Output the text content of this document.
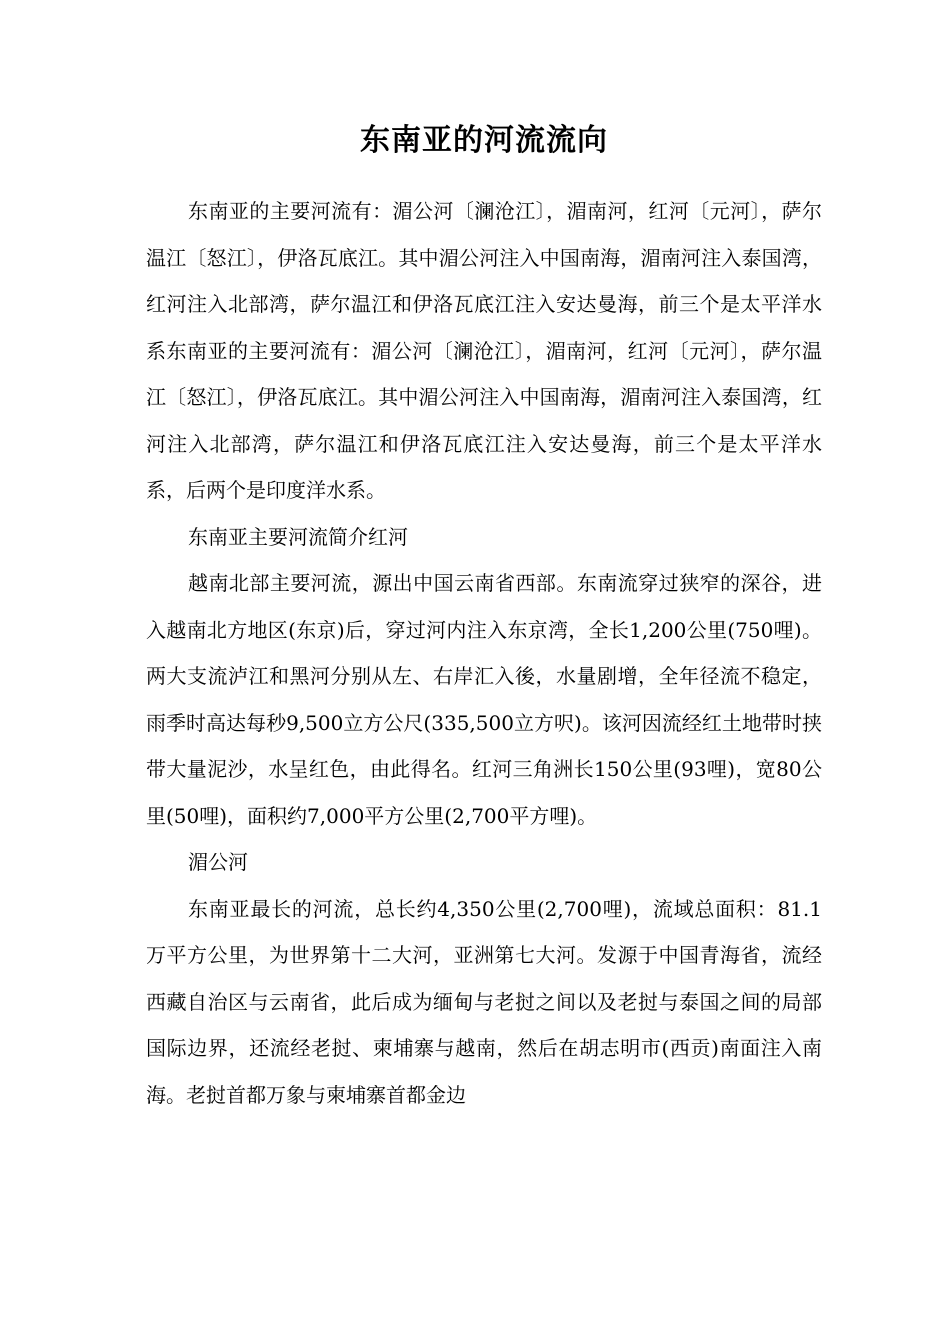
东南亚的河流流向

东南亚的主要河流有：湄公河〔澜沧江〕，湄南河，红河〔元河〕，萨尔温江〔怒江〕，伊洛瓦底江。其中湄公河注入中国南海，湄南河注入泰国湾，红河注入北部湾，萨尔温江和伊洛瓦底江注入安达曼海，前三个是太平洋水系东南亚的主要河流有：湄公河〔澜沧江〕，湄南河，红河〔元河〕，萨尔温江〔怒江〕，伊洛瓦底江。其中湄公河注入中国南海，湄南河注入泰国湾，红河注入北部湾，萨尔温江和伊洛瓦底江注入安达曼海，前三个是太平洋水系，后两个是印度洋水系。

东南亚主要河流简介红河

越南北部主要河流，源出中国云南省西部。东南流穿过狭窄的深谷，进入越南北方地区(东京)后，穿过河内注入东京湾，全长1,200公里(750哩)。两大支流泸江和黑河分别从左、右岸汇入後，水量剧增，全年径流不稳定，雨季时高达每秒9,500立方公尺(335,500立方呎)。该河因流经红土地带时挟带大量泥沙，水呈红色，由此得名。红河三角洲长150公里(93哩)，宽80公里(50哩)，面积约7,000平方公里(2,700平方哩)。

湄公河

东南亚最长的河流，总长约4,350公里(2,700哩)，流域总面积：81.1万平方公里，为世界第十二大河，亚洲第七大河。发源于中国青海省，流经西藏自治区与云南省，此后成为缅甸与老挝之间以及老挝与泰国之间的局部国际边界，还流经老挝、柬埔寨与越南，然后在胡志明市(西贡)南面注入南海。老挝首都万象与柬埔寨首都金边
